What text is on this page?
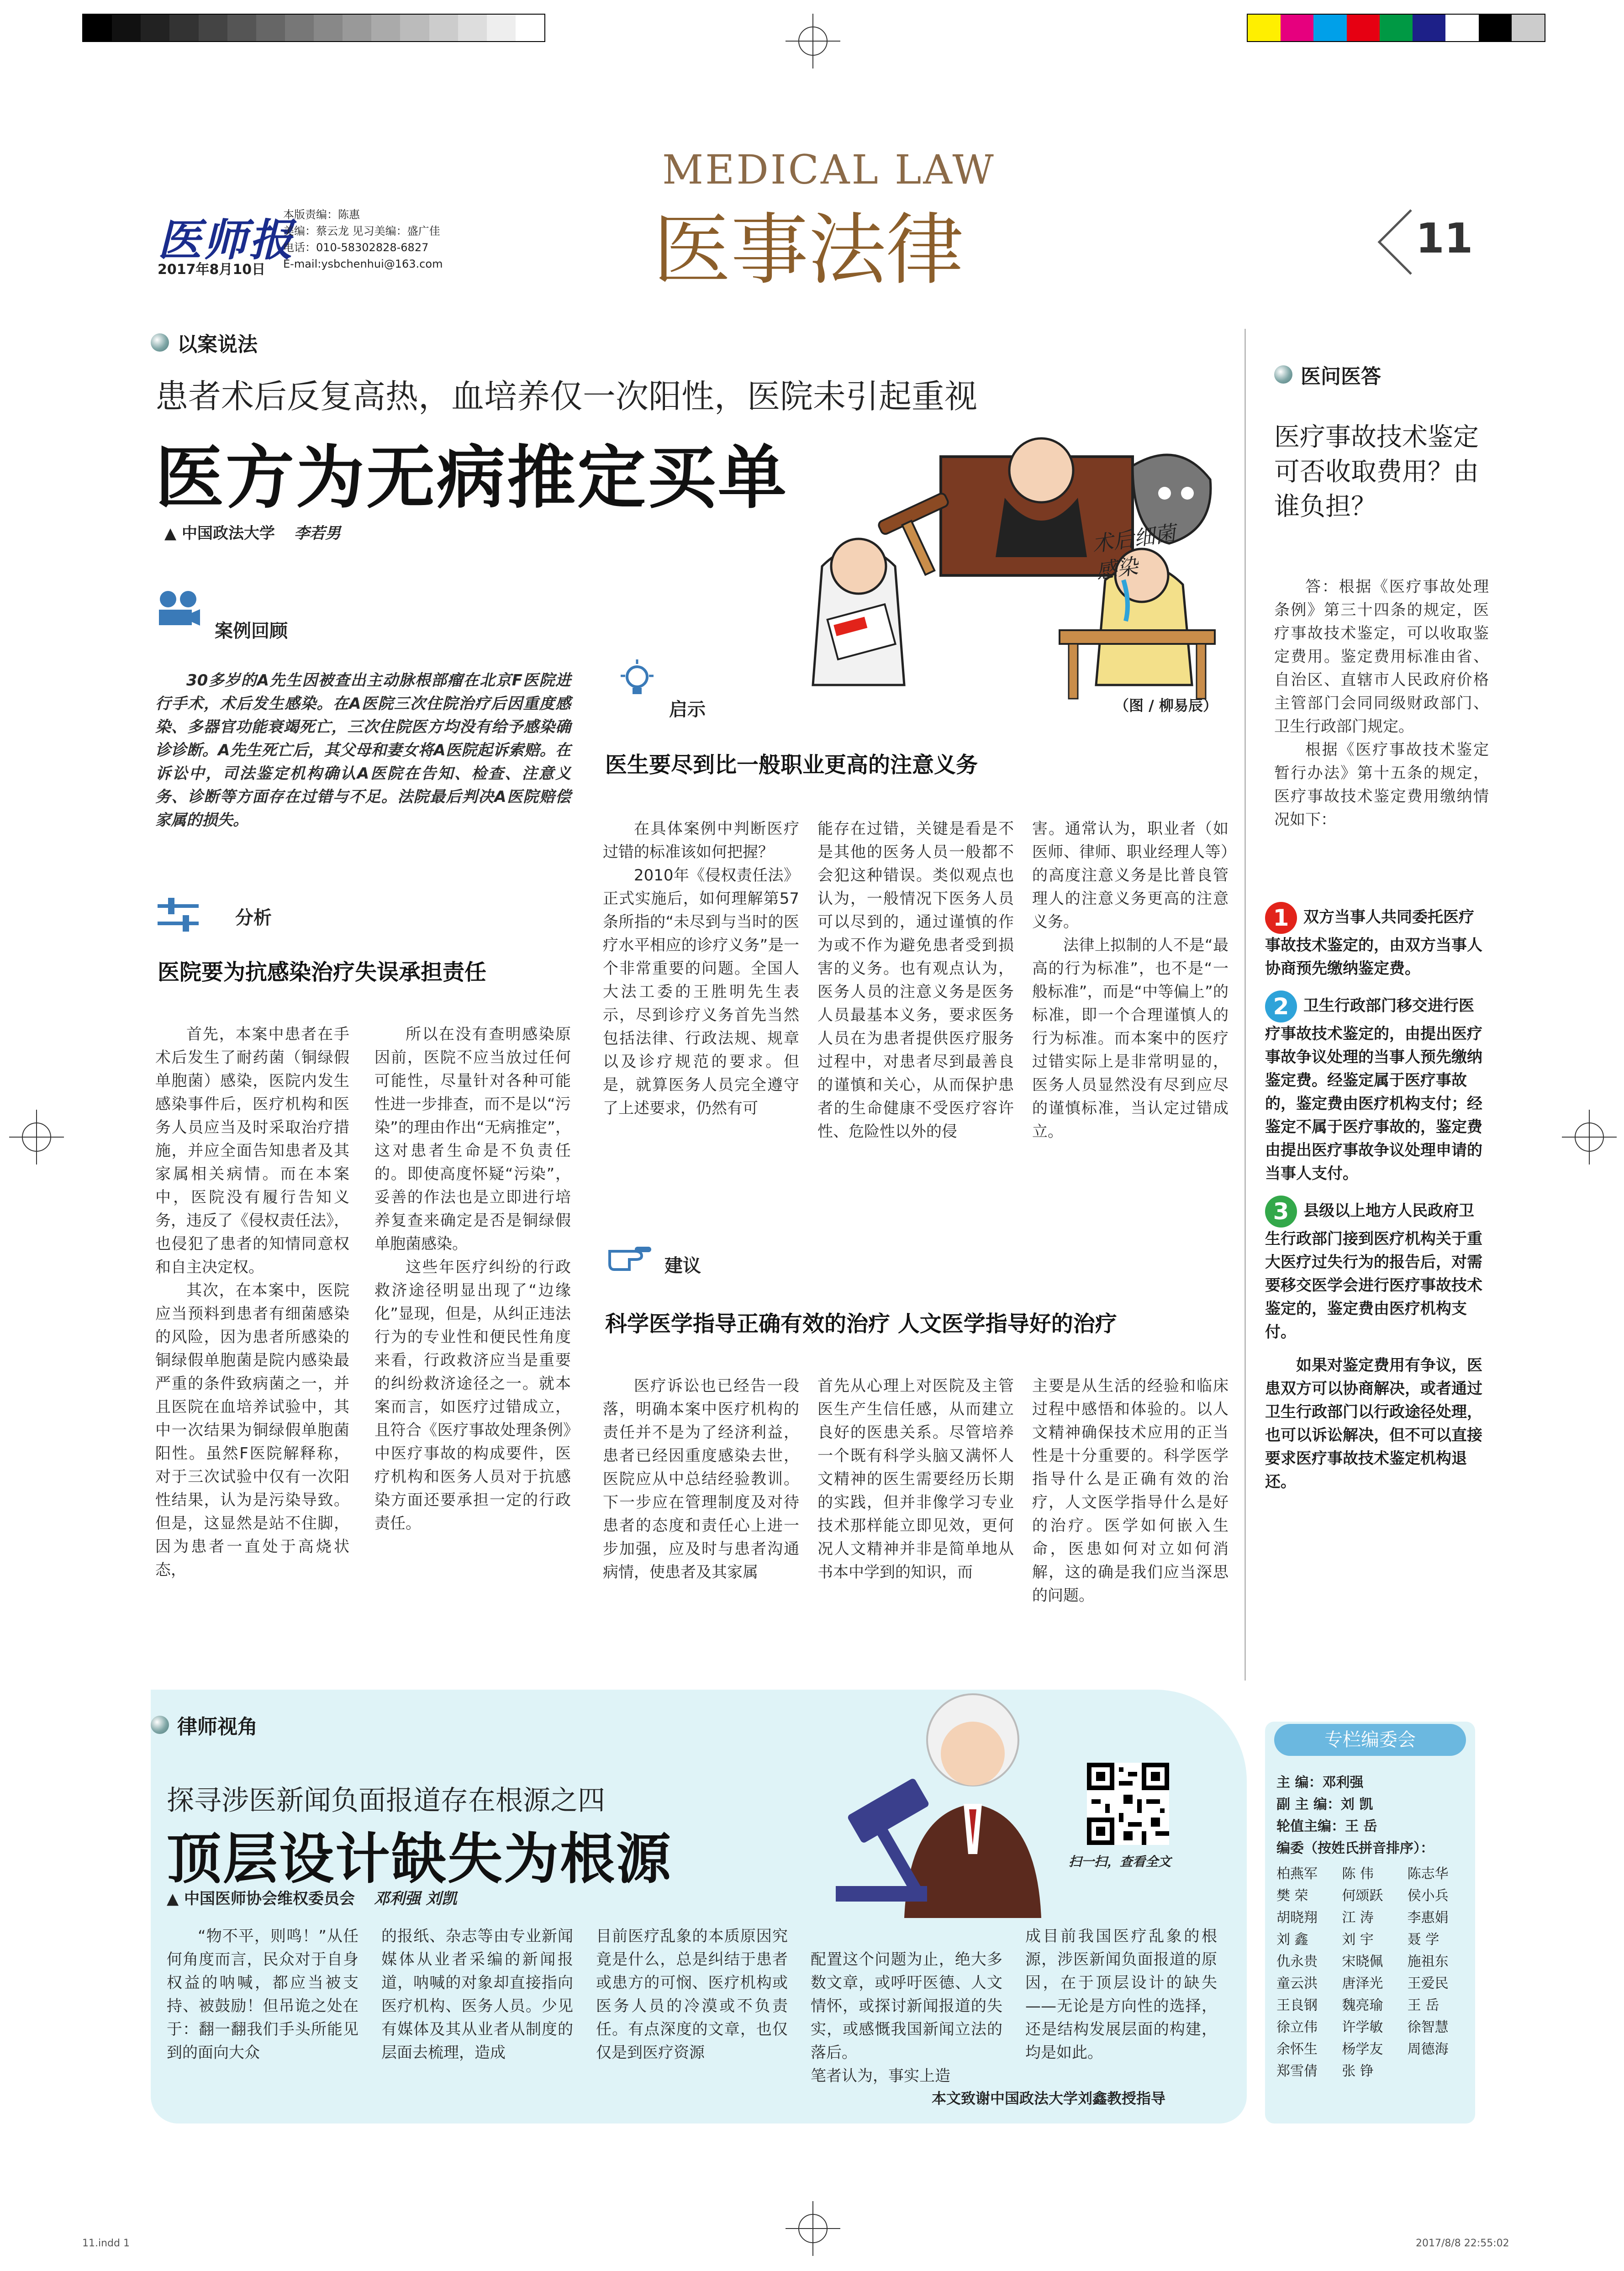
医师报
2017年8月10日
本版责编：陈惠
美编：蔡云龙 见习美编：盛广佳
电话：010-58302828-6827
E-mail:ysbchenhui@163.com
MEDICAL LAW
医事法律	11
以案说法
患者术后反复高热，血培养仅一次阳性，医院未引起重视
医方为无病推定买单
▲ 中国政法大学 李若男	术后细菌感染
（图 / 柳易辰）
案例回顾
30多岁的A先生因被查出主动脉根部瘤在北京F医院进行手术，术后发生感染。在A医院三次住院治疗后因重度感染、多器官功能衰竭死亡，三次住院医方均没有给予感染确诊诊断。A先生死亡后，其父母和妻女将A医院起诉索赔。在诉讼中，司法鉴定机构确认A医院在告知、检查、注意义务、诊断等方面存在过错与不足。法院最后判决A医院赔偿家属的损失。
分析
医院要为抗感染治疗失误承担责任

首先，本案中患者在手术后发生了耐药菌（铜绿假单胞菌）感染，医院内发生感染事件后，医疗机构和医务人员应当及时采取治疗措施，并应全面告知患者及其家属相关病情。而在本案中，医院没有履行告知义务，违反了《侵权责任法》，也侵犯了患者的知情同意权和自主决定权。

其次，在本案中，医院应当预料到患者有细菌感染的风险，因为患者所感染的铜绿假单胞菌是院内感染最严重的条件致病菌之一，并且医院在血培养试验中，其中一次结果为铜绿假单胞菌阳性。虽然F医院解释称，对于三次试验中仅有一次阳性结果，认为是污染导致。但是，这显然是站不住脚，因为患者一直处于高烧状态，

所以在没有查明感染原因前，医院不应当放过任何可能性，尽量针对各种可能性进一步排查，而不是以“污染”的理由作出“无病推定”，这对患者生命是不负责任的。即使高度怀疑“污染”，妥善的作法也是立即进行培养复查来确定是否是铜绿假单胞菌感染。

这些年医疗纠纷的行政救济途径明显出现了“边缘化”显现，但是，从纠正违法行为的专业性和便民性角度来看，行政救济应当是重要的纠纷救济途径之一。就本案而言，如医疗过错成立，且符合《医疗事故处理条例》中医疗事故的构成要件，医疗机构和医务人员对于抗感染方面还要承担一定的行政责任。

启示
医生要尽到比一般职业更高的注意义务

在具体案例中判断医疗过错的标准该如何把握？

2010年《侵权责任法》正式实施后，如何理解第57条所指的“未尽到与当时的医疗水平相应的诊疗义务”是一个非常重要的问题。全国人大法工委的王胜明先生表示，尽到诊疗义务首先当然包括法律、行政法规、规章以及诊疗规范的要求。但是，就算医务人员完全遵守了上述要求，仍然有可

能存在过错，关键是看是不是其他的医务人员一般都不会犯这种错误。类似观点也认为，一般情况下医务人员可以尽到的，通过谨慎的作为或不作为避免患者受到损害的义务。也有观点认为，医务人员的注意义务是医务人员最基本义务，要求医务人员在为患者提供医疗服务过程中，对患者尽到最善良的谨慎和关心，从而保护患者的生命健康不受医疗容许性、危险性以外的侵

害。通常认为，职业者（如医师、律师、职业经理人等）的高度注意义务是比普良管理人的注意义务更高的注意义务。

法律上拟制的人不是“最高的行为标准”，也不是“一般标准”，而是“中等偏上”的标准，即一个合理谨慎人的行为标准。而本案中的医疗过错实际上是非常明显的，医务人员显然没有尽到应尽的谨慎标准，当认定过错成立。

建议
科学医学指导正确有效的治疗 人文医学指导好的治疗

医疗诉讼也已经告一段落，明确本案中医疗机构的责任并不是为了经济利益，患者已经因重度感染去世，医院应从中总结经验教训。下一步应在管理制度及对待患者的态度和责任心上进一步加强，应及时与患者沟通病情，使患者及其家属

首先从心理上对医院及主管医生产生信任感，从而建立良好的医患关系。尽管培养一个既有科学头脑又满怀人文精神的医生需要经历长期的实践，但并非像学习专业技术那样能立即见效，更何况人文精神并非是简单地从书本中学到的知识，而

主要是从生活的经验和临床过程中感悟和体验的。以人文精神确保技术应用的正当性是十分重要的。科学医学指导什么是正确有效的治疗，人文医学指导什么是好的治疗。医学如何嵌入生命，医患如何对立如何消解，这的确是我们应当深思的问题。

医问医答
医疗事故技术鉴定可否收取费用？由谁负担？

答：根据《医疗事故处理条例》第三十四条的规定，医疗事故技术鉴定，可以收取鉴定费用。鉴定费用标准由省、自治区、直辖市人民政府价格主管部门会同同级财政部门、卫生行政部门规定。

根据《医疗事故技术鉴定暂行办法》第十五条的规定，医疗事故技术鉴定费用缴纳情况如下：

1 双方当事人共同委托医疗事故技术鉴定的，由双方当事人协商预先缴纳鉴定费。
2 卫生行政部门移交进行医疗事故技术鉴定的，由提出医疗事故争议处理的当事人预先缴纳鉴定费。经鉴定属于医疗事故的，鉴定费由医疗机构支付；经鉴定不属于医疗事故的，鉴定费由提出医疗事故争议处理申请的当事人支付。
3 县级以上地方人民政府卫生行政部门接到医疗机构关于重大医疗过失行为的报告后，对需要移交医学会进行医疗事故技术鉴定的，鉴定费由医疗机构支付。
如果对鉴定费用有争议，医患双方可以协商解决，或者通过卫生行政部门以行政途径处理，也可以诉讼解决，但不可以直接要求医疗事故技术鉴定机构退还。
律师视角
探寻涉医新闻负面报道存在根源之四
顶层设计缺失为根源
▲ 中国医师协会维权委员会 邓利强 刘凯
扫一扫，查看全文

“物不平，则鸣！”从任何角度而言，民众对于自身权益的呐喊，都应当被支持、被鼓励！但吊诡之处在于：翻一翻我们手头所能见到的面向大众

的报纸、杂志等由专业新闻媒体从业者采编的新闻报道，呐喊的对象却直接指向医疗机构、医务人员。少见有媒体及其从业者从制度的层面去梳理，造成

目前医疗乱象的本质原因究竟是什么，总是纠结于患者或患方的可悯、医疗机构或医务人员的冷漠或不负责任。有点深度的文章，也仅仅是到医疗资源

配置这个问题为止，绝大多数文章，或呼吁医德、人文情怀，或探讨新闻报道的失实，或感慨我国新闻立法的落后。
笔者认为，事实上造

成目前我国医疗乱象的根源，涉医新闻负面报道的原因，在于顶层设计的缺失——无论是方向性的选择，还是结构发展层面的构建，均是如此。

本文致谢中国政法大学刘鑫教授指导
专栏编委会
主 编：邓利强
副 主 编：刘 凯
轮值主编：王 岳
编委（按姓氏拼音排序）：
柏燕军	陈 伟	陈志华
樊 荣	何颂跃	侯小兵
胡晓翔	江 涛	李惠娟
刘 鑫	刘 宇	聂 学
仇永贵	宋晓佩	施祖东
童云洪	唐泽光	王爱民
王良钢	魏亮瑜	王 岳
徐立伟	许学敏	徐智慧
余怀生	杨学友	周德海
郑雪倩	张 铮
11.indd 1	2017/8/8 22:55:02
